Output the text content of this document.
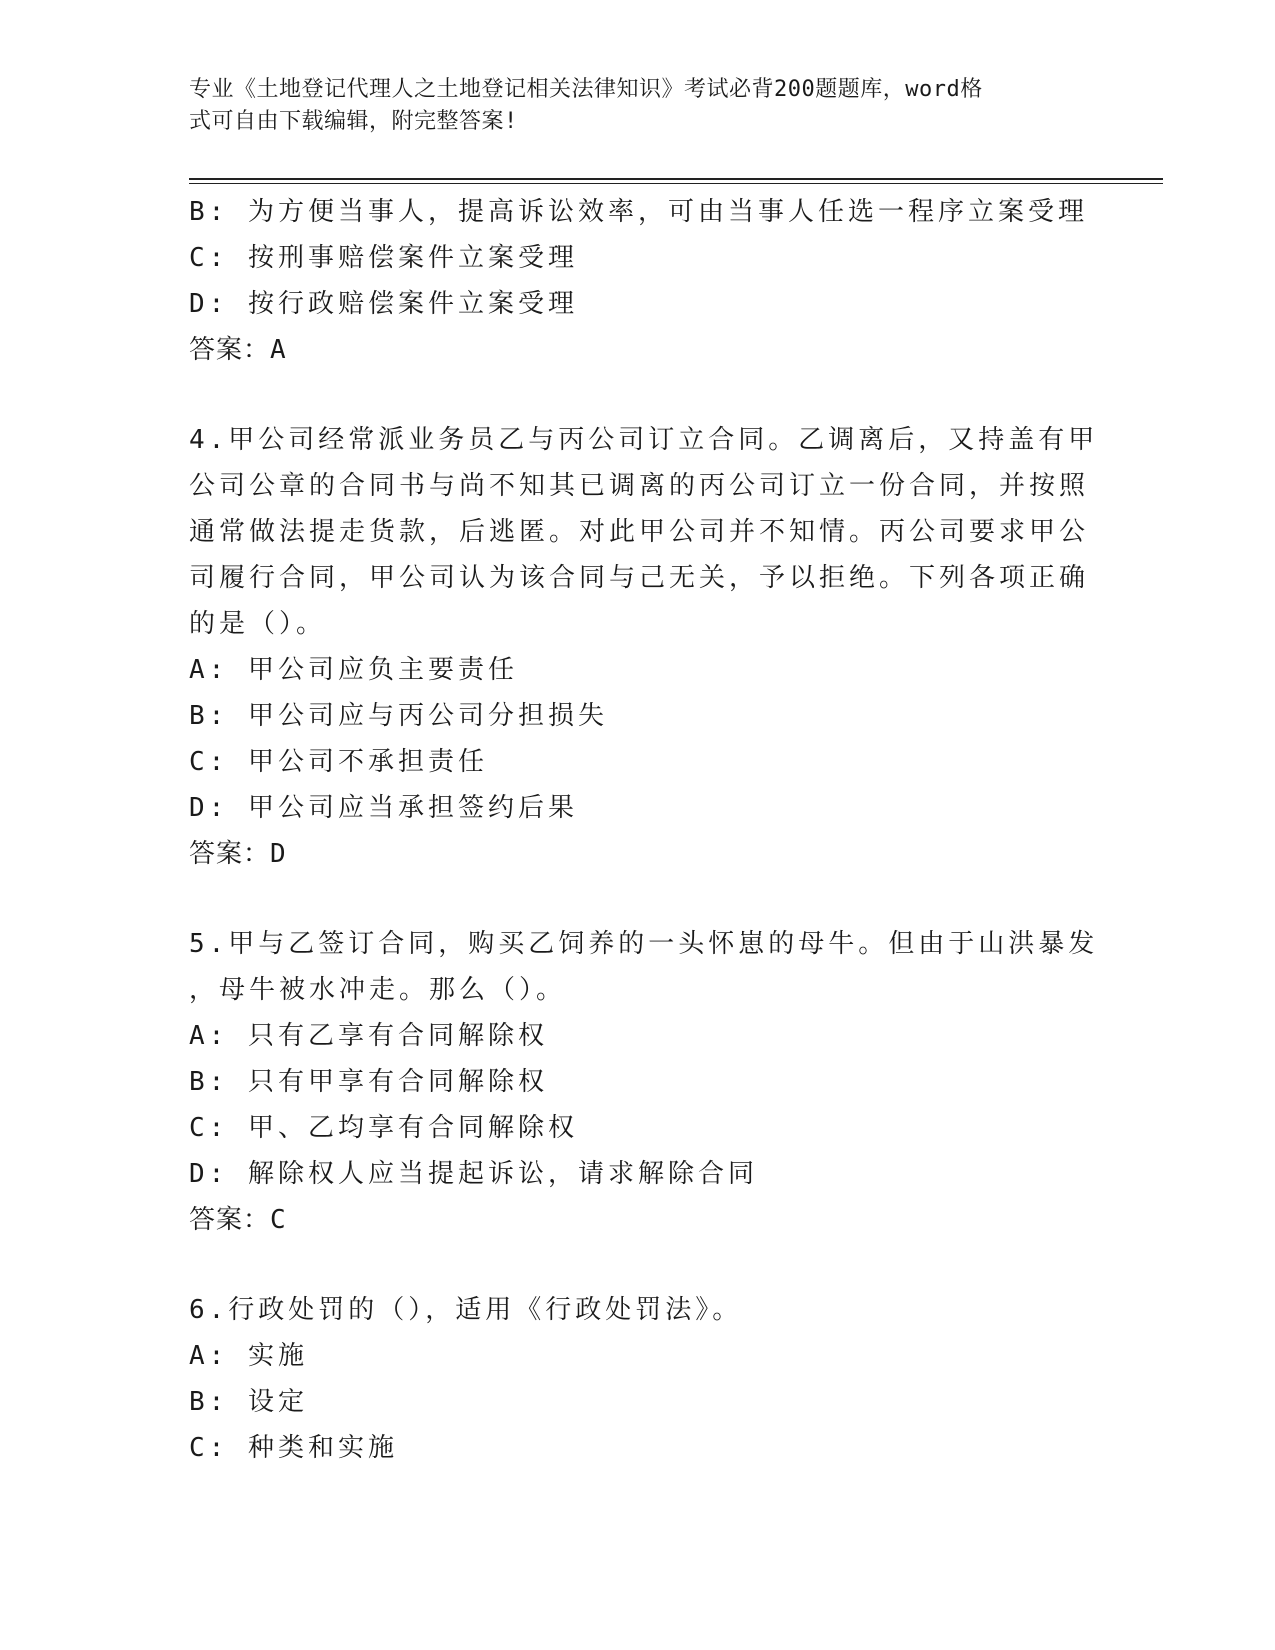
专业《土地登记代理人之土地登记相关法律知识》考试必背200题题库，word格
式可自由下载编辑，附完整答案!
B: 为方便当事人，提高诉讼效率，可由当事人任选一程序立案受理
C: 按刑事赔偿案件立案受理
D: 按行政赔偿案件立案受理
答案：A
4.甲公司经常派业务员乙与丙公司订立合同。乙调离后，又持盖有甲
公司公章的合同书与尚不知其已调离的丙公司订立一份合同，并按照
通常做法提走货款，后逃匿。对此甲公司并不知情。丙公司要求甲公
司履行合同，甲公司认为该合同与己无关，予以拒绝。下列各项正确
的是（）。
A: 甲公司应负主要责任
B: 甲公司应与丙公司分担损失
C: 甲公司不承担责任
D: 甲公司应当承担签约后果
答案：D
5.甲与乙签订合同，购买乙饲养的一头怀崽的母牛。但由于山洪暴发
，母牛被水冲走。那么（）。
A: 只有乙享有合同解除权
B: 只有甲享有合同解除权
C: 甲、乙均享有合同解除权
D: 解除权人应当提起诉讼，请求解除合同
答案：C
6.行政处罚的（），适用《行政处罚法》。
A: 实施
B: 设定
C: 种类和实施
